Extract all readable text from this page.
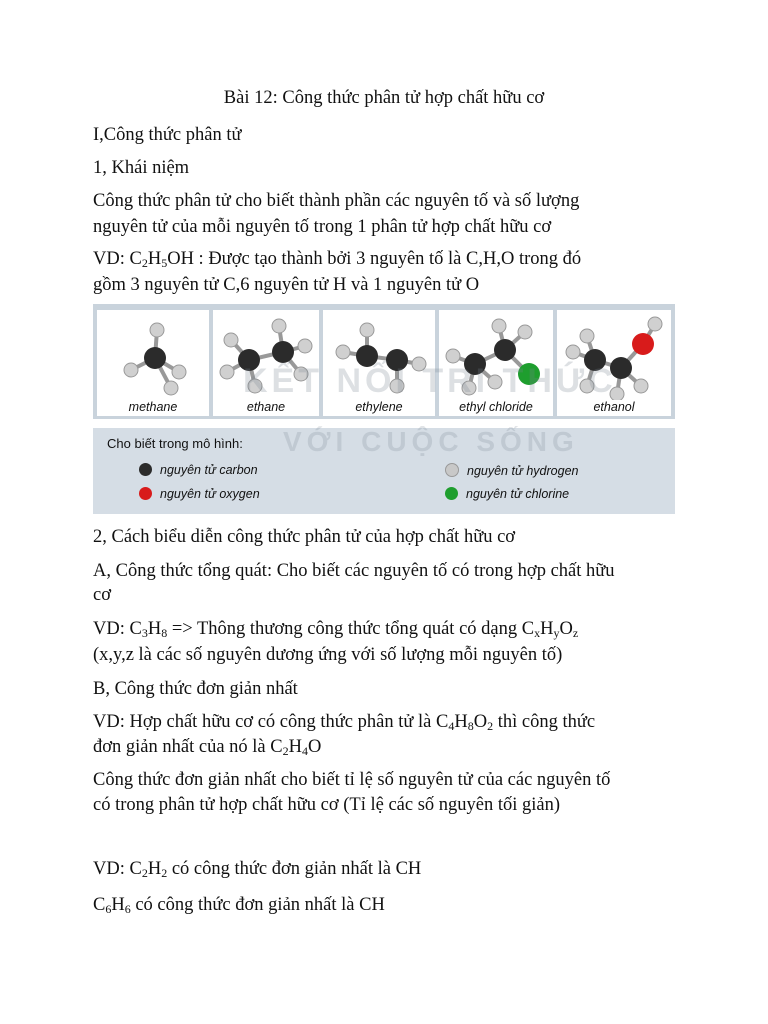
Bài 12: Công thức phân tử hợp chất hữu cơ
I,Công thức phân tử
1, Khái niệm
Công thức phân tử cho biết thành phần các nguyên tố và số lượng
nguyên tử của mỗi nguyên tố trong 1 phân tử hợp chất hữu cơ
VD: $C_2H_5OH$ : Được tạo thành bởi 3 nguyên tố là C,H,O trong đó
gồm 3 nguyên tử C,6 nguyên tử H và 1 nguyên tử O
methane	ethane	ethylene	ethyl chloride	ethanol
KẾT NỐI TRI THỨC
Cho biết trong mô hình:
nguyên tử carbon
nguyên tử oxygen
nguyên tử hydrogen
nguyên tử chlorine
VỚI CUỘC SỐNG
2, Cách biểu diễn công thức phân tử của hợp chất hữu cơ
A, Công thức tổng quát: Cho biết các nguyên tố có trong hợp chất hữu
cơ
VD: $C_3H_8$ => Thông thương công thức tổng quát có dạng $C_xH_yO_z$
(x,y,z là các số nguyên dương ứng với số lượng mỗi nguyên tố)
B, Công thức đơn giản nhất
VD: Hợp chất hữu cơ có công thức phân tử là $C_4H_8O_2$ thì công thức
đơn giản nhất của nó là $C_2H_4O$
Công thức đơn giản nhất cho biết tỉ lệ số nguyên tử của các nguyên tố
có trong phân tử hợp chất hữu cơ (Tỉ lệ các số nguyên tối giản)
VD: $C_2H_2$ có công thức đơn giản nhất là CH
$C_6H_6$ có công thức đơn giản nhất là CH
